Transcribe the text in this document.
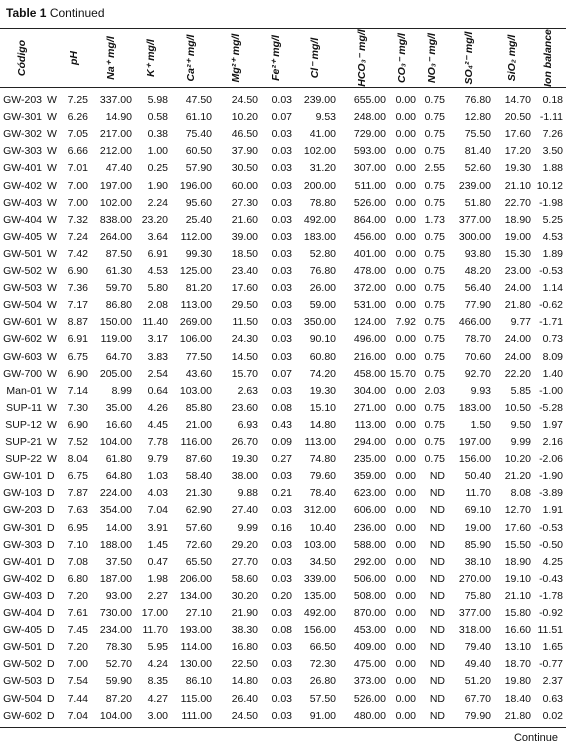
Table 1 Continued
Código	pH Na⁺ mg/l	K⁺ mg/l	Ca²⁺ mg/l	Mg²⁺ mg/l	Fe²⁺ mg/l	Cl⁻ mg/l	HCO₃⁻ mg/l	CO₃⁻ mg/l NO₃⁻ mg/l SO₄²⁻ mg/l	SiO₂ mg/l Ion balance
GW-203 W	7.25	337.00	5.98	47.50	24.50	0.03	239.00	655.00 0.00 0.75	76.80	14.70	0.18
GW-301 W	6.26	14.90	0.58	61.10	10.20	0.07	9.53	248.00 0.00 0.75	12.80	20.50 -1.11
GW-302 W	7.05	217.00	0.38	75.40	46.50	0.03	41.00	729.00 0.00 0.75	75.50	17.60	7.26
GW-303 W	6.66	212.00	1.00	60.50	37.90	0.03	102.00	593.00 0.00 0.75	81.40	17.20	3.50
GW-401 W	7.01	47.40	0.25	57.90	30.50	0.03	31.20	307.00 0.00 2.55	52.60	19.30	1.88
GW-402 W	7.00	197.00	1.90	196.00	60.00	0.03	200.00	511.00 0.00 0.75	239.00	21.10 10.12
GW-403 W	7.00	102.00	2.24	95.60	27.30	0.03	78.80	526.00 0.00 0.75	51.80	22.70 -1.98
GW-404 W	7.32	838.00 23.20	25.40	21.60	0.03	492.00	864.00 0.00 1.73	377.00	18.90	5.25
GW-405 W	7.24	264.00	3.64	112.00	39.00	0.03	183.00	456.00 0.00 0.75	300.00	19.00	4.53
GW-501 W	7.42	87.50	6.91	99.30	18.50	0.03	52.80	401.00 0.00 0.75	93.80	15.30	1.89
GW-502 W	6.90	61.30	4.53	125.00	23.40	0.03	76.80	478.00 0.00 0.75	48.20	23.00 -0.53
GW-503 W	7.36	59.70	5.80	81.20	17.60	0.03	26.00	372.00 0.00 0.75	56.40	24.00	1.14
GW-504 W	7.17	86.80	2.08	113.00	29.50	0.03	59.00	531.00 0.00 0.75	77.90	21.80 -0.62
GW-601 W	8.87	150.00	11.40	269.00	11.50	0.03	350.00	124.00 7.92 0.75	466.00	9.77 -1.71
GW-602 W	6.91	119.00	3.17	106.00	24.30	0.03	90.10	496.00 0.00 0.75	78.70	24.00	0.73
GW-603 W	6.75	64.70	3.83	77.50	14.50	0.03	60.80	216.00 0.00 0.75	70.60	24.00	8.09
GW-700 W	6.90	205.00	2.54	43.60	15.70	0.07	74.20	458.00 15.70 0.75	92.70	22.20	1.40
Man-01 W	7.14	8.99	0.64	103.00	2.63	0.03	19.30	304.00 0.00 2.03	9.93	5.85 -1.00
SUP-11 W	7.30	35.00	4.26	85.80	23.60	0.08	15.10	271.00 0.00 0.75	183.00	10.50 -5.28
SUP-12 W	6.90	16.60	4.45	21.00	6.93	0.43	14.80	113.00 0.00 0.75	1.50	9.50	1.97
SUP-21 W	7.52	104.00	7.78	116.00	26.70	0.09	113.00	294.00 0.00 0.75	197.00	9.99	2.16
SUP-22 W	8.04	61.80	9.79	87.60	19.30	0.27	74.80	235.00 0.00 0.75	156.00	10.20 -2.06
GW-101 D	6.75	64.80	1.03	58.40	38.00	0.03	79.60	359.00 0.00	ND	50.40	21.20 -1.90
GW-103 D	7.87	224.00	4.03	21.30	9.88	0.21	78.40	623.00 0.00	ND	11.70	8.08 -3.89
GW-203 D	7.63	354.00	7.04	62.90	27.40	0.03	312.00	606.00 0.00	ND	69.10	12.70	1.91
GW-301 D	6.95	14.00	3.91	57.60	9.99	0.16	10.40	236.00 0.00	ND	19.00	17.60 -0.53
GW-303 D	7.10	188.00	1.45	72.60	29.20	0.03	103.00	588.00 0.00	ND	85.90	15.50 -0.50
GW-401 D	7.08	37.50	0.47	65.50	27.70	0.03	34.50	292.00 0.00	ND	38.10	18.90	4.25
GW-402 D	6.80	187.00	1.98	206.00	58.60	0.03	339.00	506.00 0.00	ND	270.00	19.10 -0.43
GW-403 D	7.20	93.00	2.27	134.00	30.20	0.20	135.00	508.00 0.00	ND	75.80	21.10 -1.78
GW-404 D	7.61	730.00 17.00	27.10	21.90	0.03	492.00	870.00 0.00	ND	377.00	15.80 -0.92
GW-405 D	7.45	234.00	11.70	193.00	38.30	0.08	156.00	453.00 0.00	ND	318.00	16.60 11.51
GW-501 D	7.20	78.30	5.95	114.00	16.80	0.03	66.50	409.00 0.00	ND	79.40	13.10	1.65
GW-502 D	7.00	52.70	4.24	130.00	22.50	0.03	72.30	475.00 0.00	ND	49.40	18.70 -0.77
GW-503 D	7.54	59.90	8.35	86.10	14.80	0.03	26.80	373.00 0.00	ND	51.20	19.80	2.37
GW-504 D	7.44	87.20	4.27	115.00	26.40	0.03	57.50	526.00 0.00	ND	67.70	18.40	0.63
GW-602 D	7.04	104.00	3.00	111.00	24.50	0.03	91.00	480.00 0.00	ND	79.90	21.80	0.02
Continue
